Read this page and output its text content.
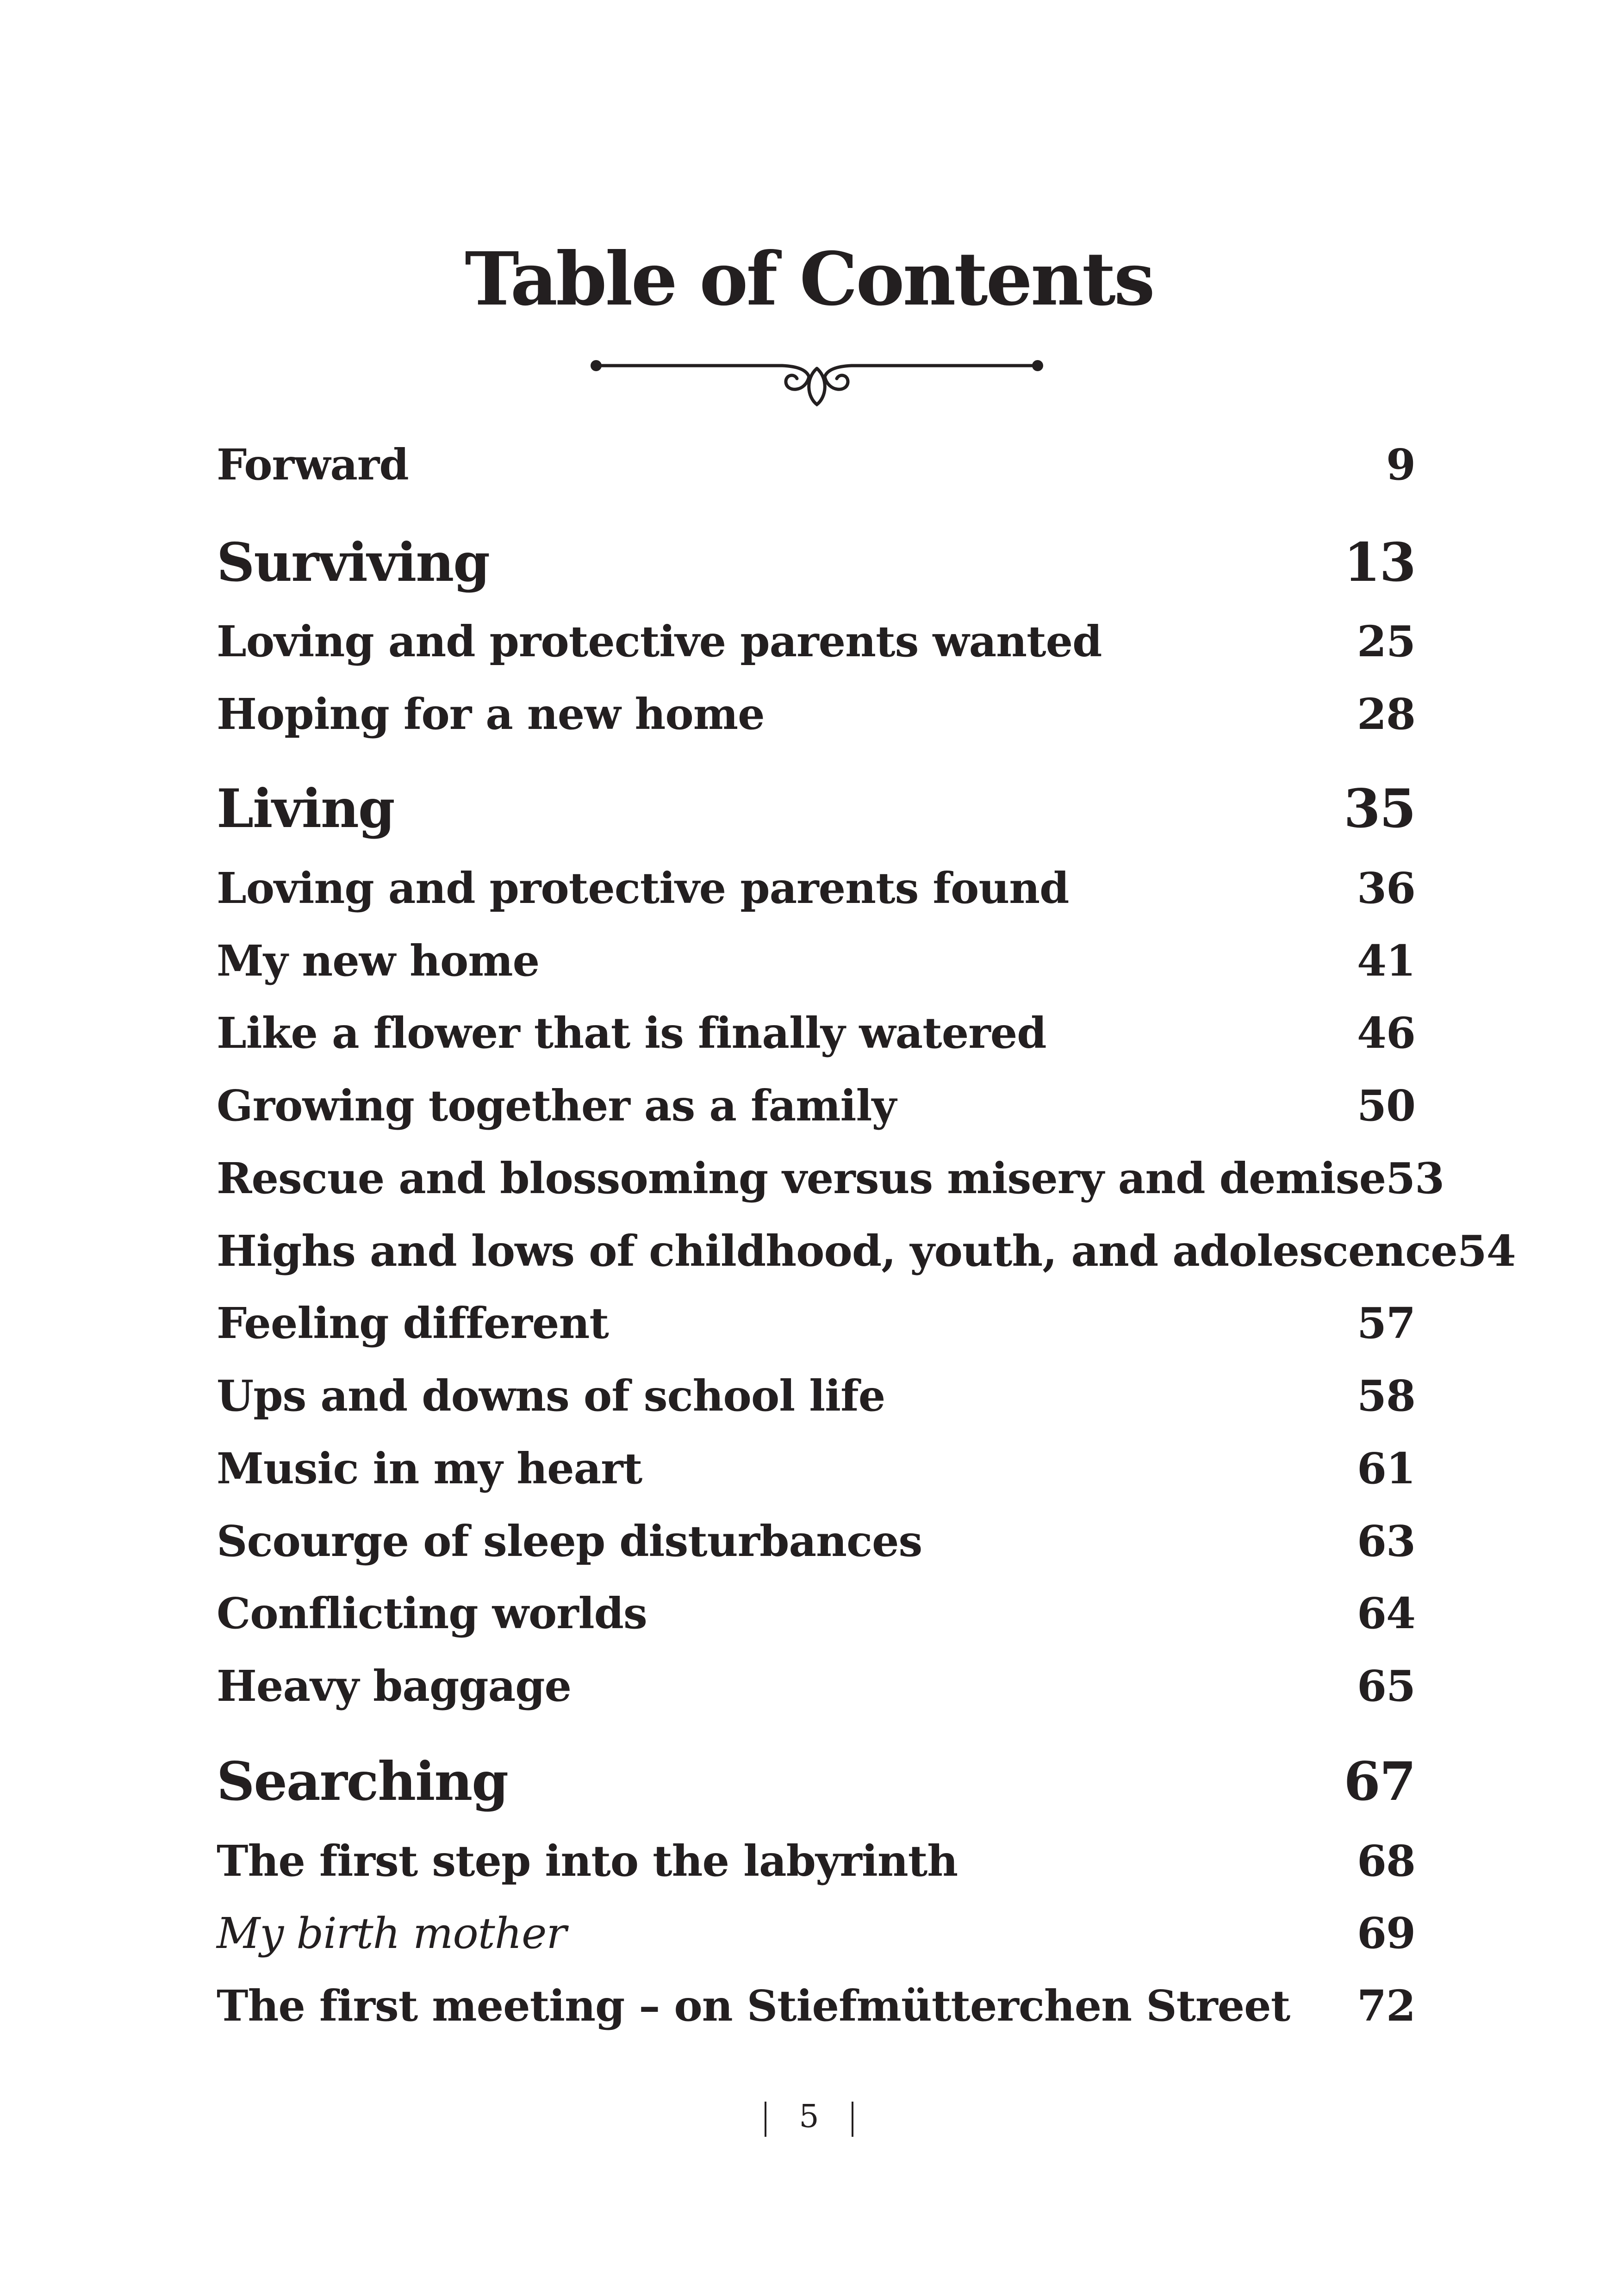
Table of Contents
Forward	9
Surviving	13
Loving and protective parents wanted	25
Hoping for a new home	28
Living	35
Loving and protective parents found	36
My new home	41
Like a flower that is finally watered	46
Growing together as a family	50
Rescue and blossoming versus misery and demise 53
Highs and lows of childhood, youth, and adolescence 54
Feeling different	57
Ups and downs of school life	58
Music in my heart	61
Scourge of sleep disturbances	63
Conflicting worlds	64
Heavy baggage	65
Searching	67
The first step into the labyrinth	68
My birth mother	69
The first meeting – on Stiefmütterchen Street 72
5
